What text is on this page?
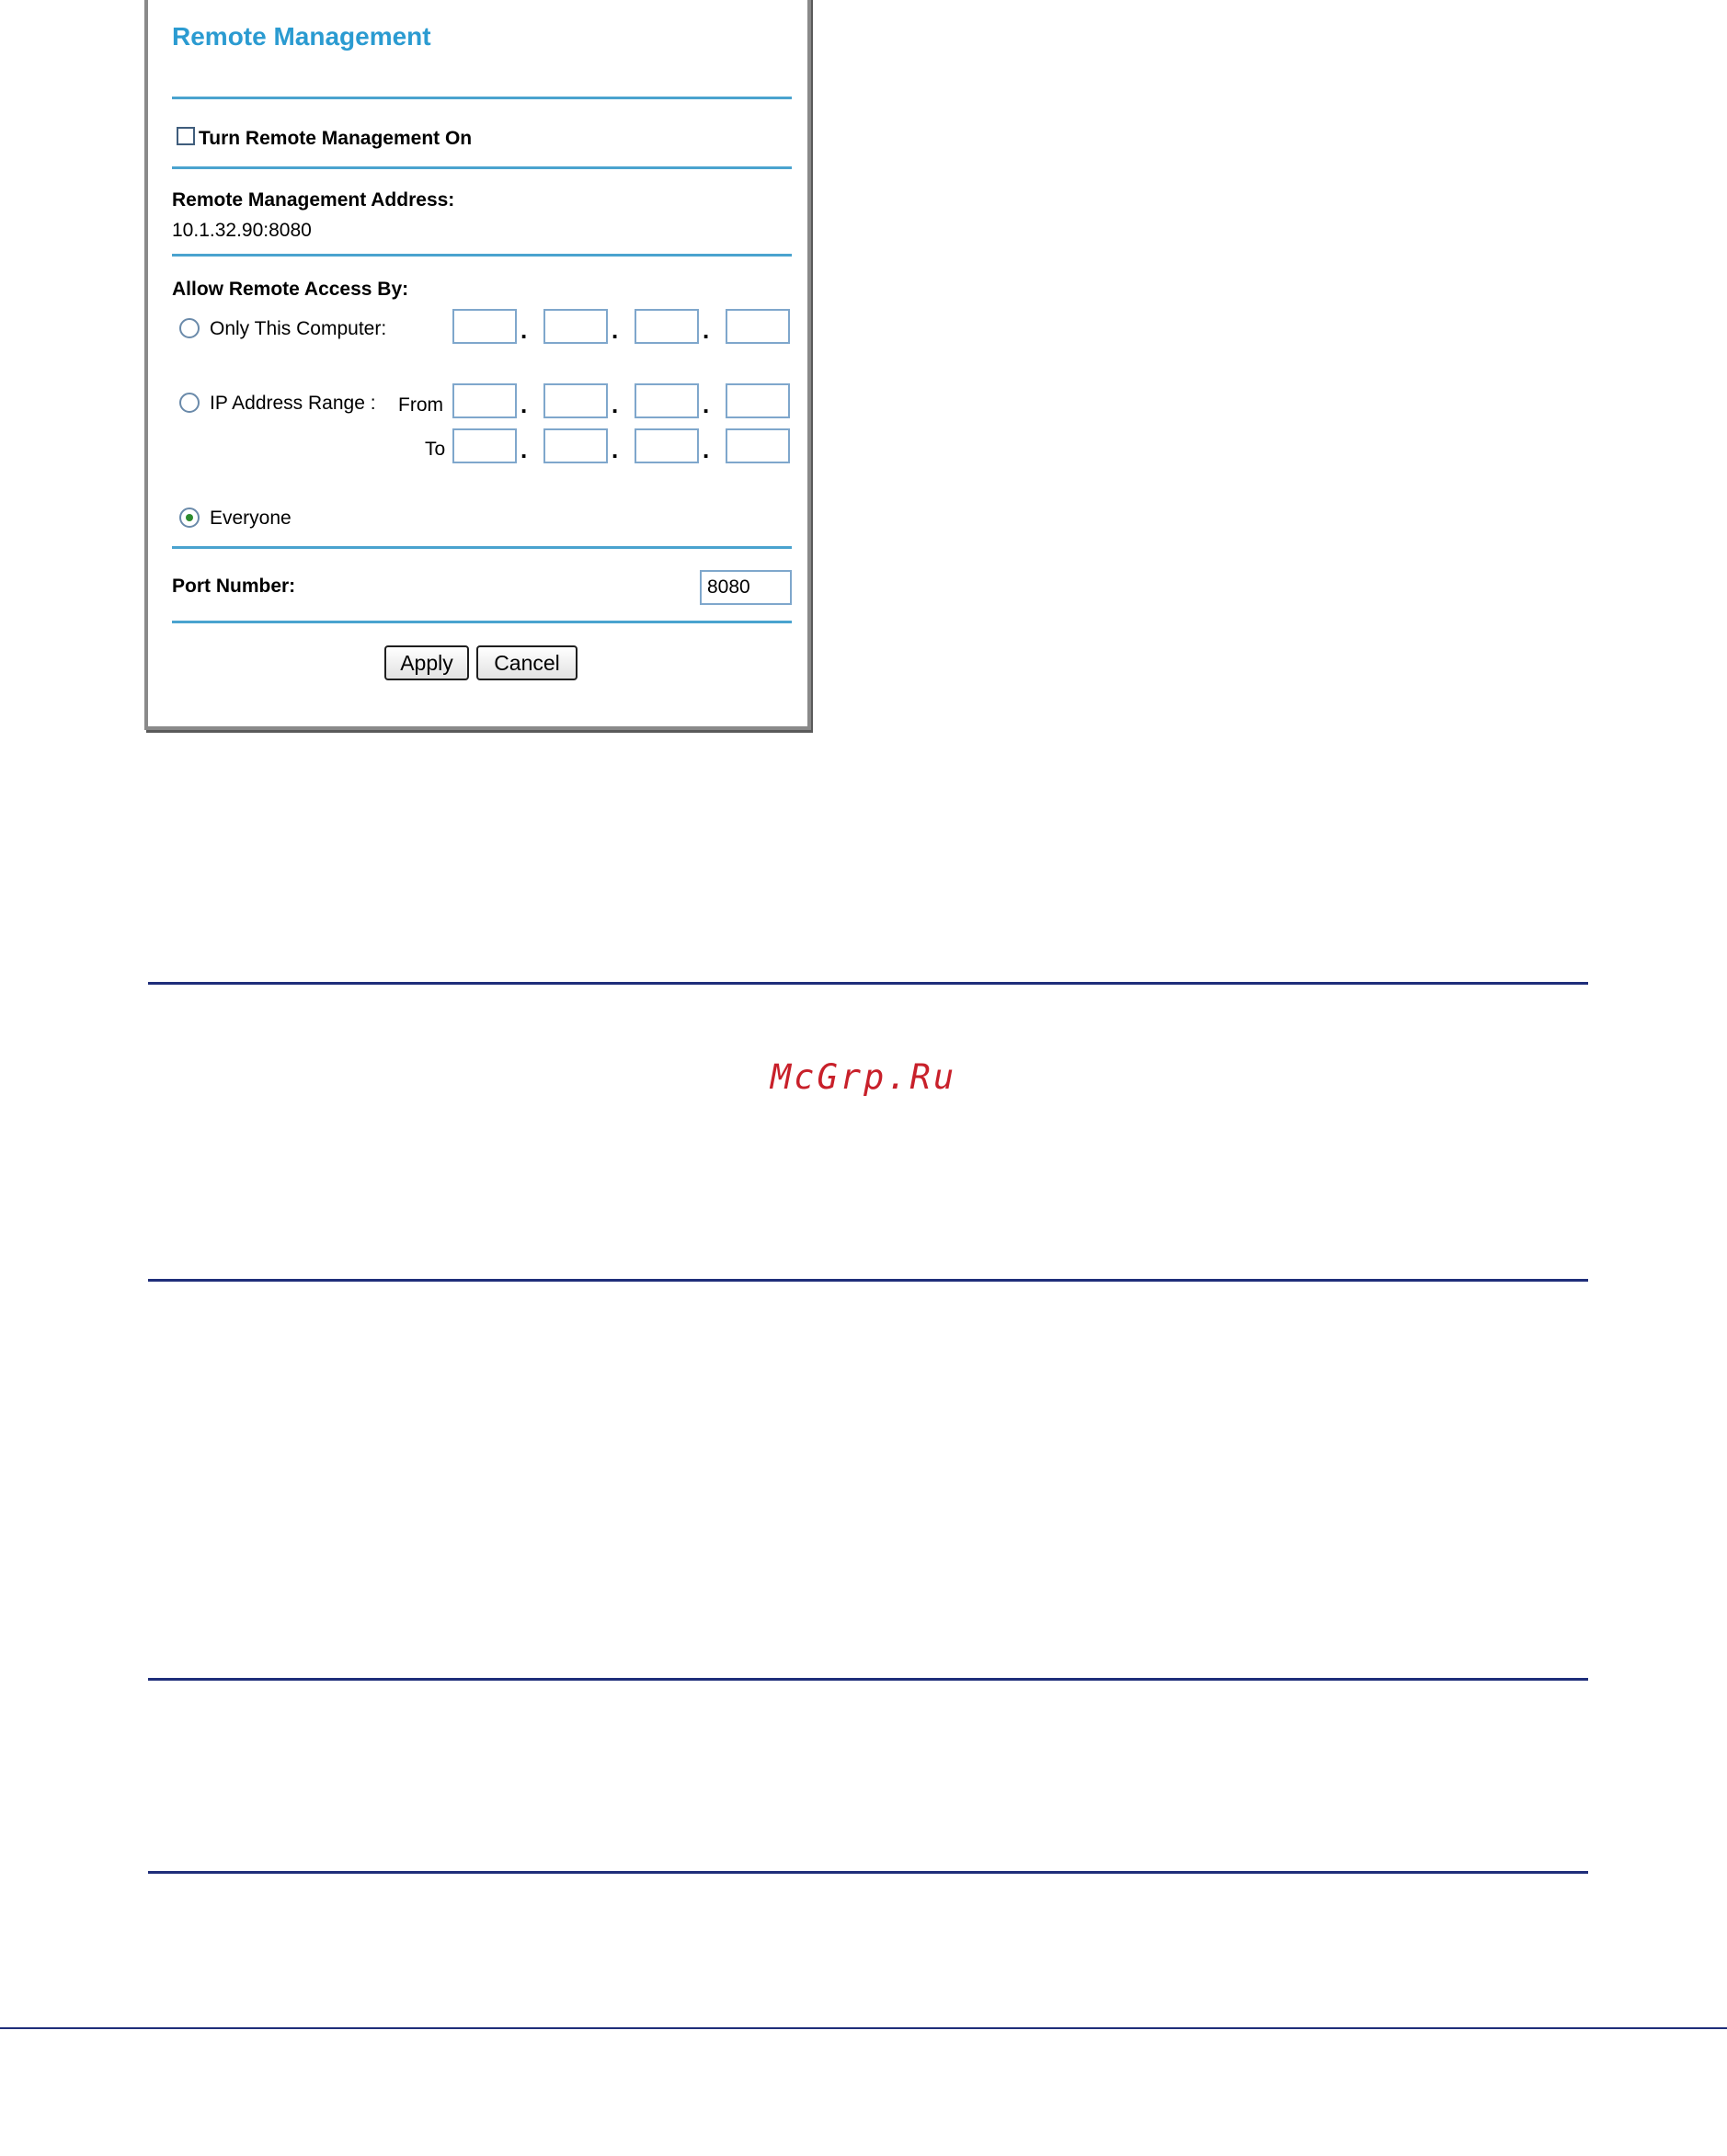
Remote Management
Turn Remote Management On
Remote Management Address:
10.1.32.90:8080
Allow Remote Access By:
Only This Computer:	.	.	.
IP Address Range : From	.	.	.
To	.	.	.
Everyone
Port Number:	8080
Apply	Cancel
McGrp.Ru
